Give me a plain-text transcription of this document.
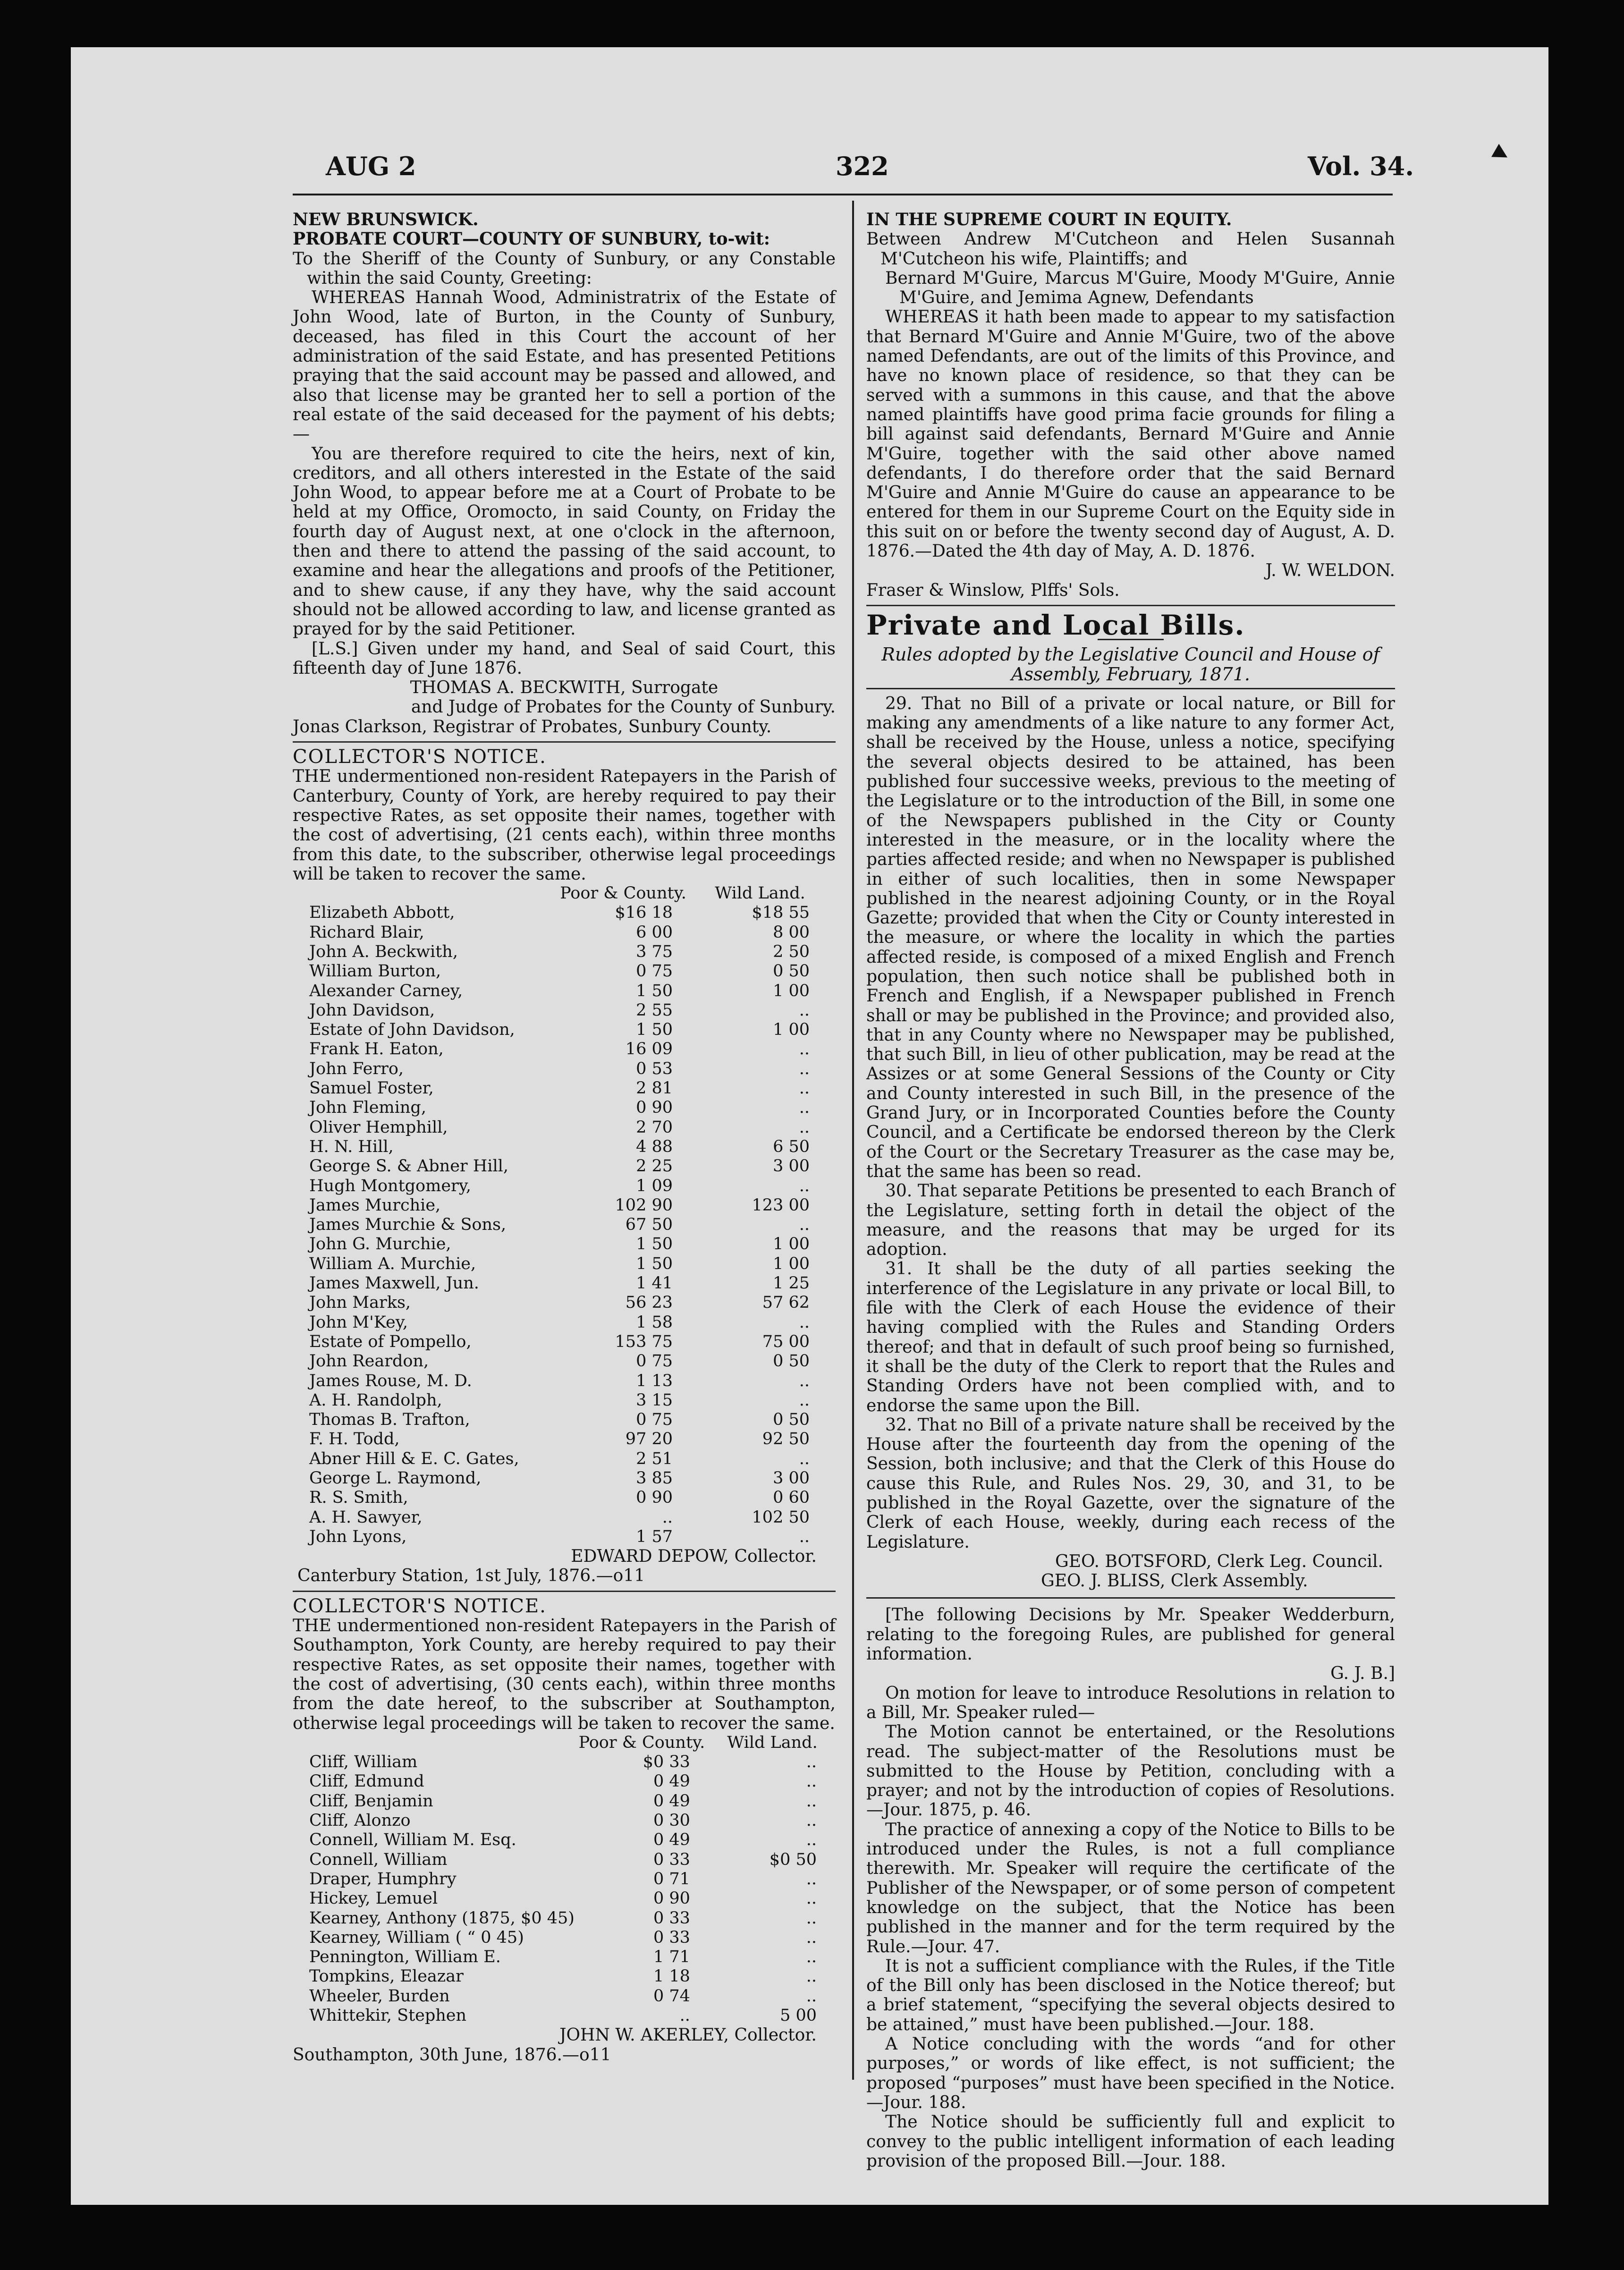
AUG 2	322	Vol. 34.

NEW BRUNSWICK.

PROBATE COURT—COUNTY OF SUNBURY, to-wit:

To the Sheriff of the County of Sunbury, or any Constable within the said County, Greeting:

WHEREAS Hannah Wood, Administratrix of the Estate of John Wood, late of Burton, in the County of Sunbury, deceased, has filed in this Court the account of her administration of the said Estate, and has presented Petitions praying that the said account may be passed and allowed, and also that license may be granted her to sell a portion of the real estate of the said deceased for the payment of his debts;—

You are therefore required to cite the heirs, next of kin, creditors, and all others interested in the Estate of the said John Wood, to appear before me at a Court of Probate to be held at my Office, Oromocto, in said County, on Friday the fourth day of August next, at one o'clock in the afternoon, then and there to attend the passing of the said account, to examine and hear the allegations and proofs of the Petitioner, and to shew cause, if any they have, why the said account should not be allowed according to law, and license granted as prayed for by the said Petitioner.

[L.S.] Given under my hand, and Seal of said Court, this fifteenth day of June 1876.

THOMAS A. BECKWITH, Surrogate

and Judge of Probates for the County of Sunbury.

Jonas Clarkson, Registrar of Probates, Sunbury County.

COLLECTOR'S NOTICE.

THE undermentioned non-resident Ratepayers in the Parish of Canterbury, County of York, are hereby required to pay their respective Rates, as set opposite their names, together with the cost of advertising, (21 cents each), within three months from this date, to the subscriber, otherwise legal proceedings will be taken to recover the same.

	Poor & County.	Wild Land.
Elizabeth Abbott,	$16 18	$18 55
Richard Blair,	6 00	8 00
John A. Beckwith,	3 75	2 50
William Burton,	0 75	0 50
Alexander Carney,	1 50	1 00
John Davidson,	2 55	..
Estate of John Davidson,	1 50	1 00
Frank H. Eaton,	16 09	..
John Ferro,	0 53	..
Samuel Foster,	2 81	..
John Fleming,	0 90	..
Oliver Hemphill,	2 70	..
H. N. Hill,	4 88	6 50
George S. & Abner Hill,	2 25	3 00
Hugh Montgomery,	1 09	..
James Murchie,	102 90	123 00
James Murchie & Sons,	67 50	..
John G. Murchie,	1 50	1 00
William A. Murchie,	1 50	1 00
James Maxwell, Jun.	1 41	1 25
John Marks,	56 23	57 62
John M'Key,	1 58	..
Estate of Pompello,	153 75	75 00
John Reardon,	0 75	0 50
James Rouse, M. D.	1 13	..
A. H. Randolph,	3 15	..
Thomas B. Trafton,	0 75	0 50
F. H. Todd,	97 20	92 50
Abner Hill & E. C. Gates,	2 51	..
George L. Raymond,	3 85	3 00
R. S. Smith,	0 90	0 60
A. H. Sawyer,	..	102 50
John Lyons,	1 57	..

EDWARD DEPOW, Collector.

Canterbury Station, 1st July, 1876.—o11

COLLECTOR'S NOTICE.

THE undermentioned non-resident Ratepayers in the Parish of Southampton, York County, are hereby required to pay their respective Rates, as set opposite their names, together with the cost of advertising, (30 cents each), within three months from the date hereof, to the subscriber at Southampton, otherwise legal proceedings will be taken to recover the same.

	Poor & County.	Wild Land.
Cliff, William	$0 33	..
Cliff, Edmund	0 49	..
Cliff, Benjamin	0 49	..
Cliff, Alonzo	0 30	..
Connell, William M. Esq.	0 49	..
Connell, William	0 33	$0 50
Draper, Humphry	0 71	..
Hickey, Lemuel	0 90	..
Kearney, Anthony (1875, $0 45)	0 33	..
Kearney, William ( “ 0 45)	0 33	..
Pennington, William E.	1 71	..
Tompkins, Eleazar	1 18	..
Wheeler, Burden	0 74	..
Whittekir, Stephen	..	5 00

JOHN W. AKERLEY, Collector.

Southampton, 30th June, 1876.—o11

IN THE SUPREME COURT IN EQUITY.

Between Andrew M'Cutcheon and Helen Susannah M'Cutcheon his wife, Plaintiffs; and

Bernard M'Guire, Marcus M'Guire, Moody M'Guire, Annie M'Guire, and Jemima Agnew, Defendants

WHEREAS it hath been made to appear to my satisfaction that Bernard M'Guire and Annie M'Guire, two of the above named Defendants, are out of the limits of this Province, and have no known place of residence, so that they can be served with a summons in this cause, and that the above named plaintiffs have good prima facie grounds for filing a bill against said defendants, Bernard M'Guire and Annie M'Guire, together with the said other above named defendants, I do therefore order that the said Bernard M'Guire and Annie M'Guire do cause an appearance to be entered for them in our Supreme Court on the Equity side in this suit on or before the twenty second day of August, A. D. 1876.—Dated the 4th day of May, A. D. 1876.

J. W. WELDON.

Fraser & Winslow, Plffs' Sols.

Private and Local Bills.

Rules adopted by the Legislative Council and House of Assembly, February, 1871.

29. That no Bill of a private or local nature, or Bill for making any amendments of a like nature to any former Act, shall be received by the House, unless a notice, specifying the several objects desired to be attained, has been published four successive weeks, previous to the meeting of the Legislature or to the introduction of the Bill, in some one of the Newspapers published in the City or County interested in the measure, or in the locality where the parties affected reside; and when no Newspaper is published in either of such localities, then in some Newspaper published in the nearest adjoining County, or in the Royal Gazette; provided that when the City or County interested in the measure, or where the locality in which the parties affected reside, is composed of a mixed English and French population, then such notice shall be published both in French and English, if a Newspaper published in French shall or may be published in the Province; and provided also, that in any County where no Newspaper may be published, that such Bill, in lieu of other publication, may be read at the Assizes or at some General Sessions of the County or City and County interested in such Bill, in the presence of the Grand Jury, or in Incorporated Counties before the County Council, and a Certificate be endorsed thereon by the Clerk of the Court or the Secretary Treasurer as the case may be, that the same has been so read.

30. That separate Petitions be presented to each Branch of the Legislature, setting forth in detail the object of the measure, and the reasons that may be urged for its adoption.

31. It shall be the duty of all parties seeking the interference of the Legislature in any private or local Bill, to file with the Clerk of each House the evidence of their having complied with the Rules and Standing Orders thereof; and that in default of such proof being so furnished, it shall be the duty of the Clerk to report that the Rules and Standing Orders have not been complied with, and to endorse the same upon the Bill.

32. That no Bill of a private nature shall be received by the House after the fourteenth day from the opening of the Session, both inclusive; and that the Clerk of this House do cause this Rule, and Rules Nos. 29, 30, and 31, to be published in the Royal Gazette, over the signature of the Clerk of each House, weekly, during each recess of the Legislature.

GEO. BOTSFORD, Clerk Leg. Council.

GEO. J. BLISS, Clerk Assembly.

[The following Decisions by Mr. Speaker Wedderburn, relating to the foregoing Rules, are published for general information.

G. J. B.]

On motion for leave to introduce Resolutions in relation to a Bill, Mr. Speaker ruled—

The Motion cannot be entertained, or the Resolutions read. The subject-matter of the Resolutions must be submitted to the House by Petition, concluding with a prayer; and not by the introduction of copies of Resolutions.—Jour. 1875, p. 46.

The practice of annexing a copy of the Notice to Bills to be introduced under the Rules, is not a full compliance therewith. Mr. Speaker will require the certificate of the Publisher of the Newspaper, or of some person of competent knowledge on the subject, that the Notice has been published in the manner and for the term required by the Rule.—Jour. 47.

It is not a sufficient compliance with the Rules, if the Title of the Bill only has been disclosed in the Notice thereof; but a brief statement, “specifying the several objects desired to be attained,” must have been published.—Jour. 188.

A Notice concluding with the words “and for other purposes,” or words of like effect, is not sufficient; the proposed “purposes” must have been specified in the Notice.—Jour. 188.

The Notice should be sufficiently full and explicit to convey to the public intelligent information of each leading provision of the proposed Bill.—Jour. 188.
